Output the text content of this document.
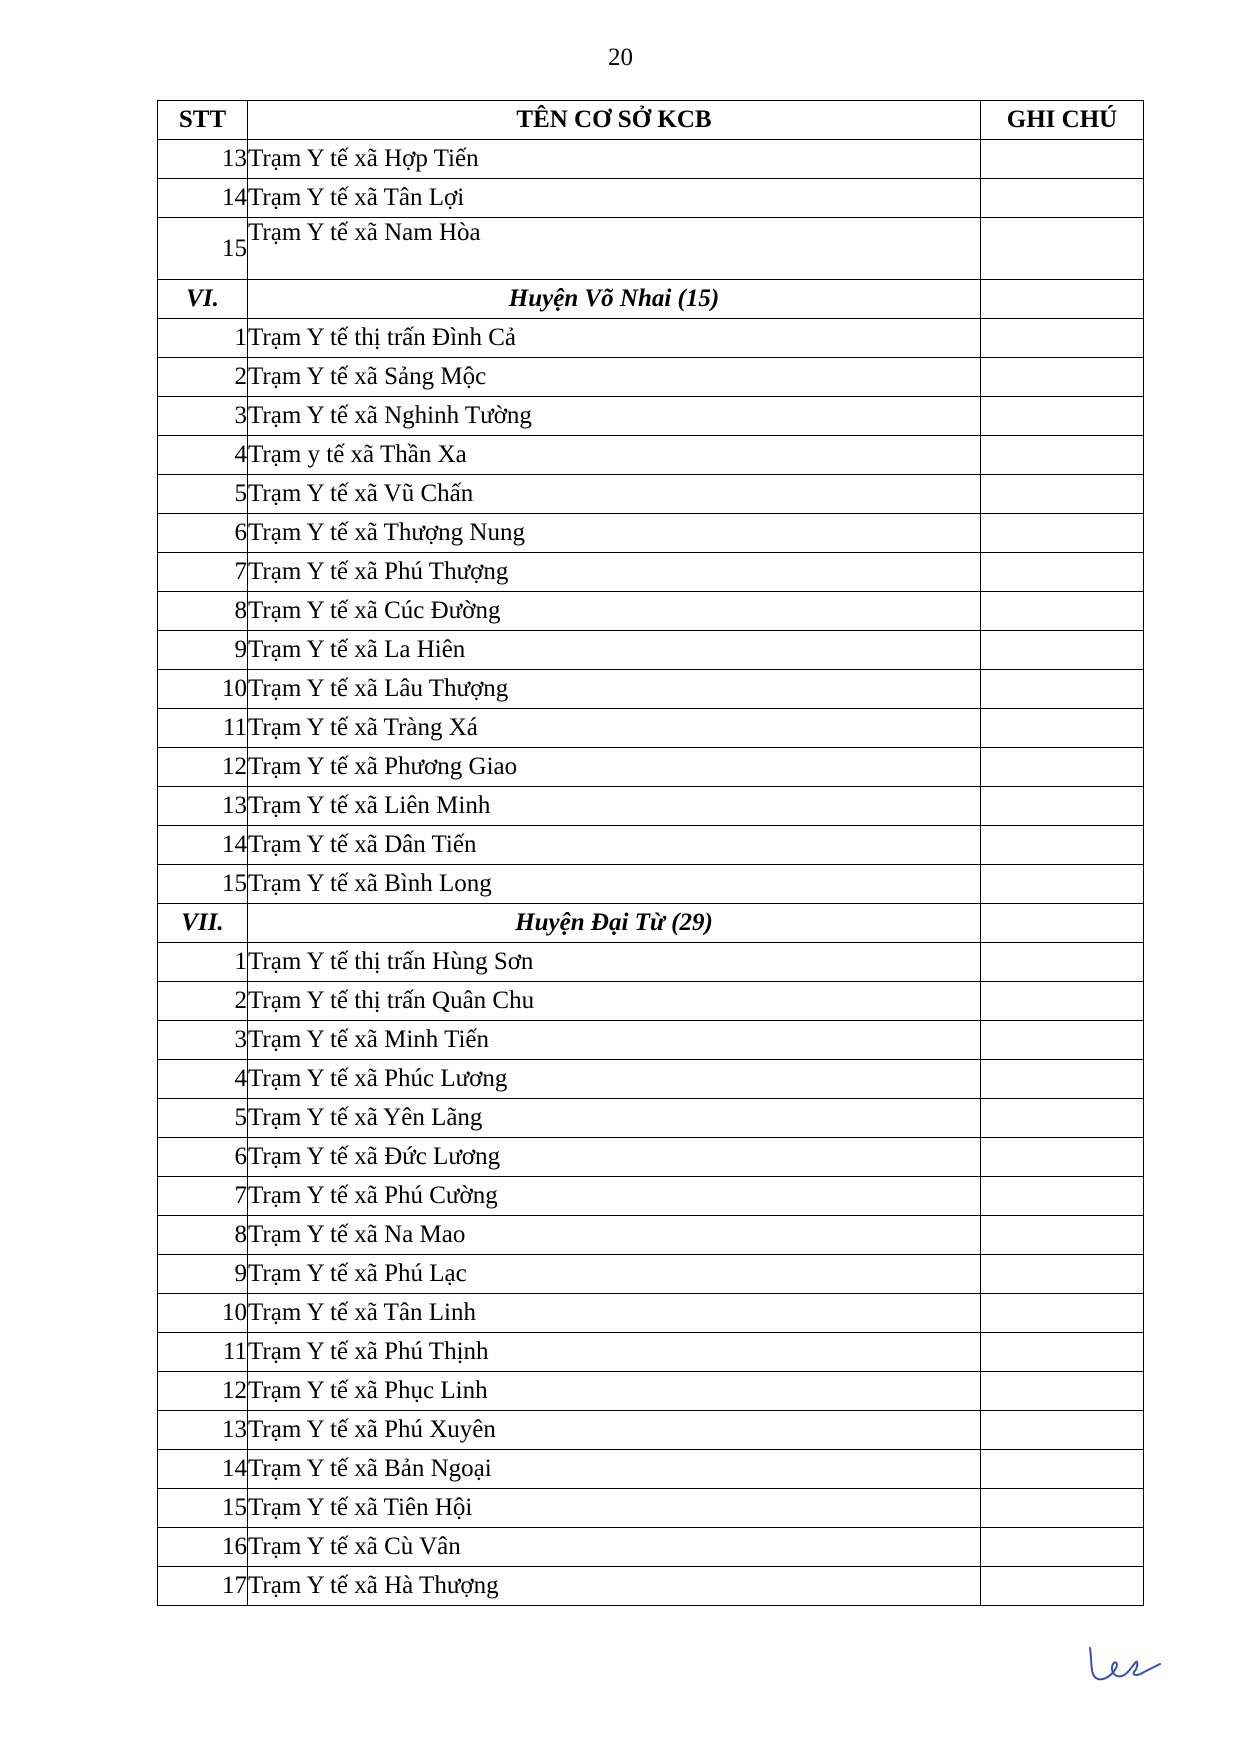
20
STT	TÊN CƠ SỞ KCB	GHI CHÚ
13	Trạm Y tế xã Hợp Tiến	
14	Trạm Y tế xã Tân Lợi	
15	Trạm Y tế xã Nam Hòa	
VI.	Huyện Võ Nhai (15)	
1	Trạm Y tế thị trấn Đình Cả	
2	Trạm Y tế xã Sảng Mộc	
3	Trạm Y tế xã Nghinh Tường	
4	Trạm y tế xã Thần Xa	
5	Trạm Y tế xã Vũ Chấn	
6	Trạm Y tế xã Thượng Nung	
7	Trạm Y tế xã Phú Thượng	
8	Trạm Y tế xã Cúc Đường	
9	Trạm Y tế xã La Hiên	
10	Trạm Y tế xã Lâu Thượng	
11	Trạm Y tế xã Tràng Xá	
12	Trạm Y tế xã Phương Giao	
13	Trạm Y tế xã Liên Minh	
14	Trạm Y tế xã Dân Tiến	
15	Trạm Y tế xã Bình Long	
VII.	Huyện Đại Từ (29)	
1	Trạm Y tế thị trấn Hùng Sơn	
2	Trạm Y tế thị trấn Quân Chu	
3	Trạm Y tế xã Minh Tiến	
4	Trạm Y tế xã Phúc Lương	
5	Trạm Y tế xã Yên Lãng	
6	Trạm Y tế xã Đức Lương	
7	Trạm Y tế xã Phú Cường	
8	Trạm Y tế xã Na Mao	
9	Trạm Y tế xã Phú Lạc	
10	Trạm Y tế xã Tân Linh	
11	Trạm Y tế xã Phú Thịnh	
12	Trạm Y tế xã Phục Linh	
13	Trạm Y tế xã Phú Xuyên	
14	Trạm Y tế xã Bản Ngoại	
15	Trạm Y tế xã Tiên Hội	
16	Trạm Y tế xã Cù Vân	
17	Trạm Y tế xã Hà Thượng	
